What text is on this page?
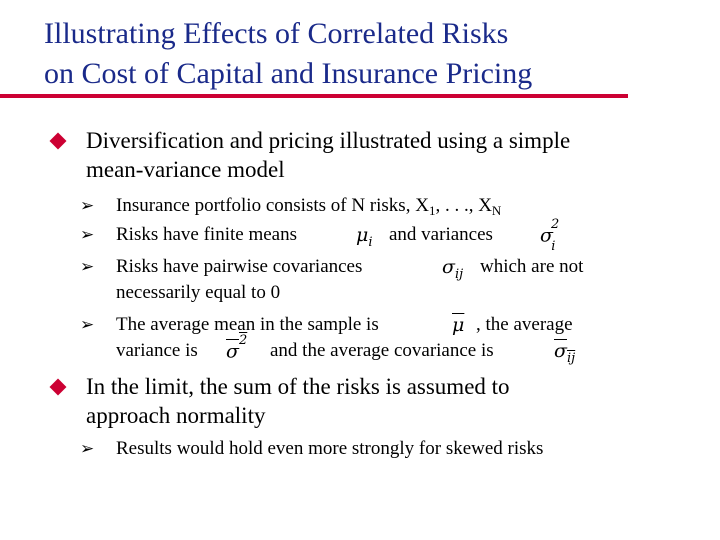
Illustrating Effects of Correlated Risks
on Cost of Capital and Insurance Pricing
Diversification and pricing illustrated using a simple
mean-variance model
➢ Insurance portfolio consists of N risks, $X_1$, . . ., $X_N$
➢ Risks have finite means	$\mu_i$ and variances $\sigma^2_i$
➢ Risks have pairwise covariances	$\sigma_{ij}$ which are not
necessarily equal to 0
➢ The average mean in the sample is	$\overline{\mu}$ , the average
variance is $\sigma^2$ and the average covariance is	$\sigma_{ij}$
In the limit, the sum of the risks is assumed to
approach normality
➢ Results would hold even more strongly for skewed risks
